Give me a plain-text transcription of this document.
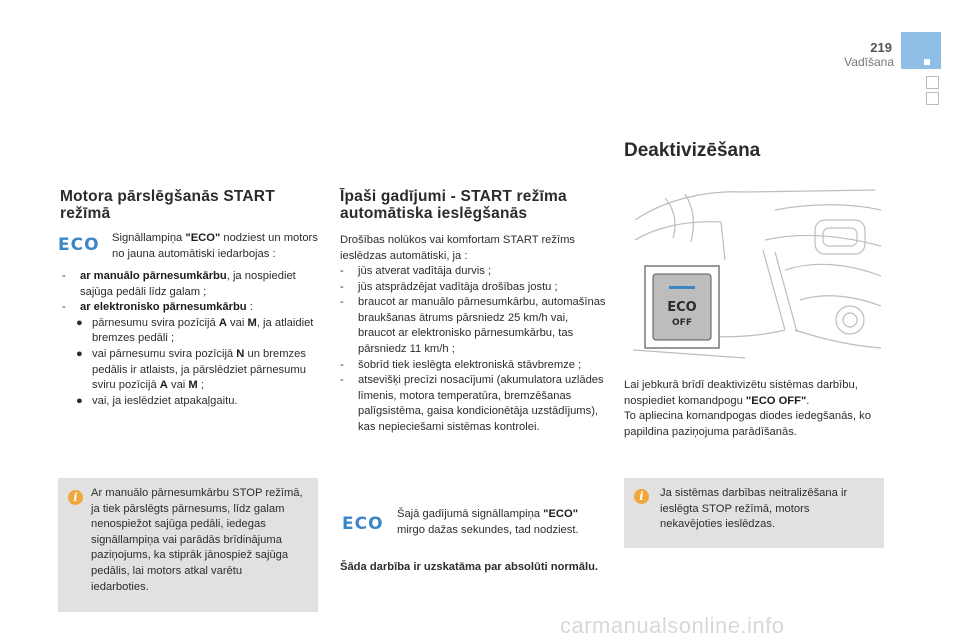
219
Vadīšana
Motora pārslēgšanās START režīmā
ECO Signāllampiņa "ECO" nodziest un motors no jauna automātiski iedarbojas :
- ar manuālo pārnesumkārbu, ja nospiediet sajūga pedāli līdz galam ;
- ar elektronisko pārnesumkārbu :
● pārnesumu svira pozīcijā A vai M, ja atlaidiet bremzes pedāli ;
● vai pārnesumu svira pozīcijā N un bremzes pedālis ir atlaists, ja pārslēdziet pārnesumu sviru pozīcijā A vai M ;
● vai, ja ieslēdziet atpakaļgaitu.
i	Ar manuālo pārnesumkārbu STOP režīmā, ja tiek pārslēgts pārnesums, līdz galam nenospiežot sajūga pedāli, iedegas signāllampiņa vai parādās brīdinājuma paziņojums, ka stiprāk jānospiež sajūga pedālis, lai motors atkal varētu iedarboties.
Īpaši gadījumi - START režīma automātiska ieslēgšanās
Drošības nolūkos vai komfortam START režīms ieslēdzas automātiski, ja :
- jūs atverat vadītāja durvis ;
- jūs atsprādzējat vadītāja drošības jostu ;
- braucot ar manuālo pārnesumkārbu, automašīnas braukšanas ātrums pārsniedz 25 km/h vai, braucot ar elektronisko pārnesumkārbu, tas pārsniedz 11 km/h ;
- šobrīd tiek ieslēgta elektroniskā stāvbremze ;
- atsevišķi precīzi nosacījumi (akumulatora uzlādes līmenis, motora temperatūra, bremzēšanas palīgsistēma, gaisa kondicionētāja uzstādījums), kas nepieciešami sistēmas kontrolei.
ECO Šajā gadījumā signāllampiņa "ECO" mirgo dažas sekundes, tad nodziest.
Šāda darbība ir uzskatāma par absolūti normālu.
Deaktivizēšana
ECO
OFF
Lai jebkurā brīdī deaktivizētu sistēmas darbību, nospiediet komandpogu "ECO OFF".
To apliecina komandpogas diodes iedegšanās, ko papildina paziņojuma parādīšanās.
i	Ja sistēmas darbības neitralizēšana ir ieslēgta STOP režīmā, motors nekavējoties ieslēdzas.
carmanualsonline.info
